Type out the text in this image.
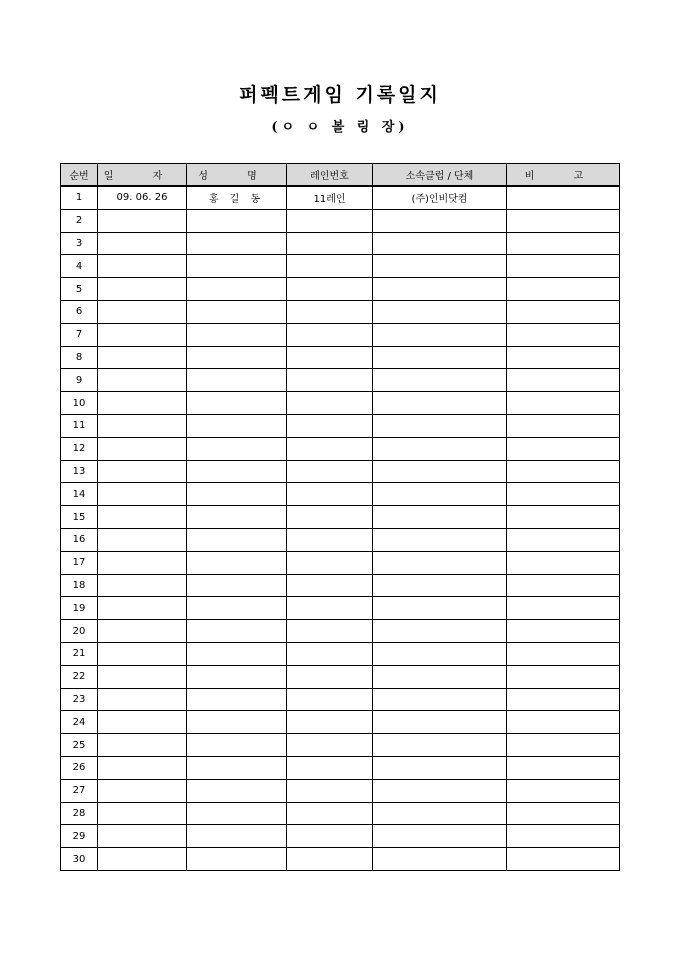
퍼펙트게임 기록일지
(ㅇ ㅇ 볼 링 장)
순번	일 자	성 명	레인번호	소속클럽 / 단체	비 고
1	09. 06. 26	홍 길 동	11레인	(주)인비닷컴	
2					
3					
4					
5					
6					
7					
8					
9					
10					
11					
12					
13					
14					
15					
16					
17					
18					
19					
20					
21					
22					
23					
24					
25					
26					
27					
28					
29					
30					
